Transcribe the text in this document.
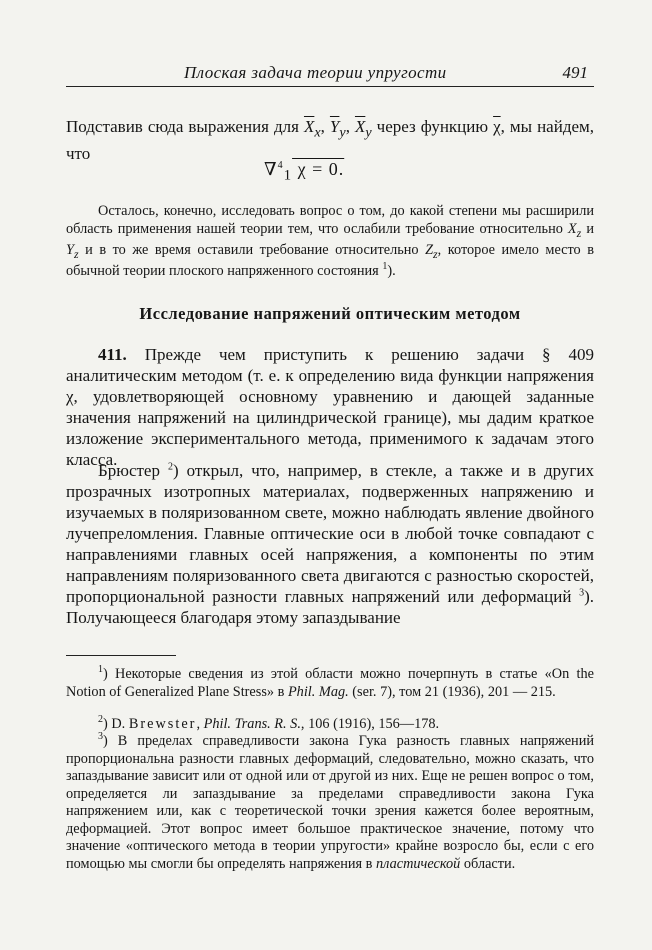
Плоская задача теории упругости	491
Подставив сюда выражения для $\overline{X}_x$, $\overline{Y}_y$, $\overline{X}_y$ через функцию $\overline{\chi}$, мы найдем, что
∇$^4_1$ χ = 0.
Осталось, конечно, исследовать вопрос о том, до какой степени мы расширили область применения нашей теории тем, что ослабили требование относительно $X_z$ и $Y_z$ и в то же время оставили требование относительно $Z_z$, которое имело место в обычной теории плоского напряженного состояния $^1$).
Исследование напряжений оптическим методом
411. Прежде чем приступить к решению задачи § 409 аналитическим методом (т. е. к определению вида функции напряжения χ, удовлетворяющей основному уравнению и дающей заданные значения напряжений на цилиндрической границе), мы дадим краткое изложение экспериментального метода, применимого к задачам этого класса.
Брюстер $^2$) открыл, что, например, в стекле, а также и в других прозрачных изотропных материалах, подверженных напряжению и изучаемых в поляризованном свете, можно наблюдать явление двойного лучепреломления. Главные оптические оси в любой точке совпадают с направлениями главных осей напряжения, а компоненты по этим направлениям поляризованного света двигаются с разностью скоростей, пропорциональной разности главных напряжений или деформаций $^3$). Получающееся благодаря этому запаздывание
$^1$) Некоторые сведения из этой области можно почерпнуть в статье «On the Notion of Generalized Plane Stress» в Phil. Mag. (ser. 7), том 21 (1936), 201 — 215.
$^2$) D. Brewster, Phil. Trans. R. S., 106 (1916), 156—178.
$^3$) В пределах справедливости закона Гука разность главных напряжений пропорциональна разности главных деформаций, следовательно, можно сказать, что запаздывание зависит или от одной или от другой из них. Еще не решен вопрос о том, определяется ли запаздывание за пределами справедливости закона Гука напряжением или, как с теоретической точки зрения кажется более вероятным, деформацией. Этот вопрос имеет большое практическое значение, потому что значение «оптического метода в теории упругости» крайне возросло бы, если с его помощью мы смогли бы определять напряжения в пластической области.
